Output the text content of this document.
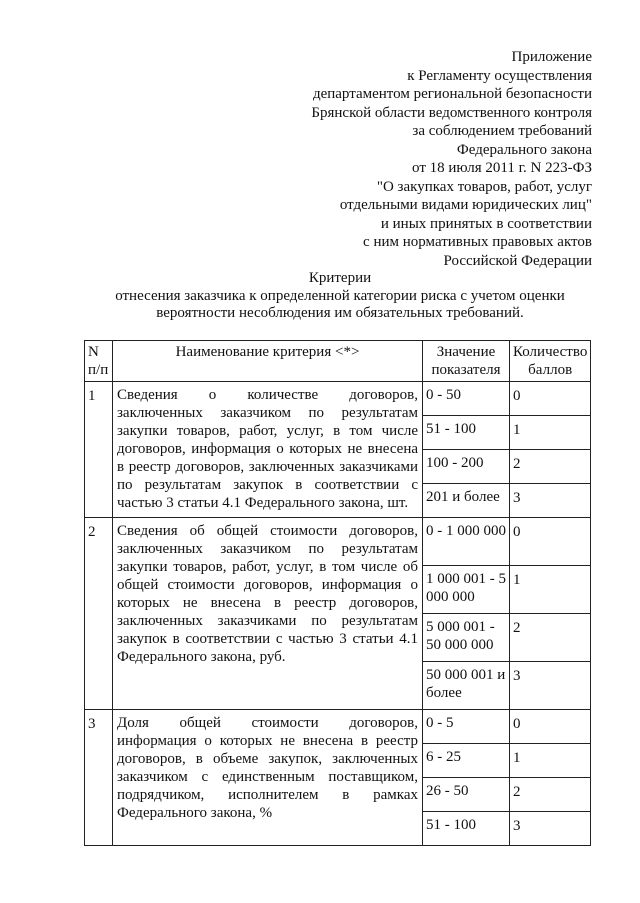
Приложение
к Регламенту осуществления
департаментом региональной безопасности
Брянской области ведомственного контроля
за соблюдением требований
Федерального закона
от 18 июля 2011 г. N 223-ФЗ
"О закупках товаров, работ, услуг
отдельными видами юридических лиц"
и иных принятых в соответствии
с ним нормативных правовых актов
Российской Федерации
Критерии
отнесения заказчика к определенной категории риска с учетом оценки
вероятности несоблюдения им обязательных требований.
N п/п	Наименование критерия <*>	Значение показателя	Количество баллов
1	Сведения о количестве договоров, заключенных заказчиком по результатам закупки товаров, работ, услуг, в том числе договоров, информация о которых не внесена в реестр договоров, заключенных заказчиками по результатам закупок в соответствии с частью 3 статьи 4.1 Федерального закона, шт.	0 - 50	0
		51 - 100	1
		100 - 200	2
		201 и более	3
2	Сведения об общей стоимости договоров, заключенных заказчиком по результатам закупки товаров, работ, услуг, в том числе об общей стоимости договоров, информация о которых не внесена в реестр договоров, заключенных заказчиками по результатам закупок в соответствии с частью 3 статьи 4.1 Федерального закона, руб.	0 - 1 000 000	0
		1 000 001 - 5 000 000	1
		5 000 001 - 50 000 000	2
		50 000 001 и более	3
3	Доля общей стоимости договоров, информация о которых не внесена в реестр договоров, в объеме закупок, заключенных заказчиком с единственным поставщиком, подрядчиком, исполнителем в рамках Федерального закона, %	0 - 5	0
		6 - 25	1
		26 - 50	2
		51 - 100	3
